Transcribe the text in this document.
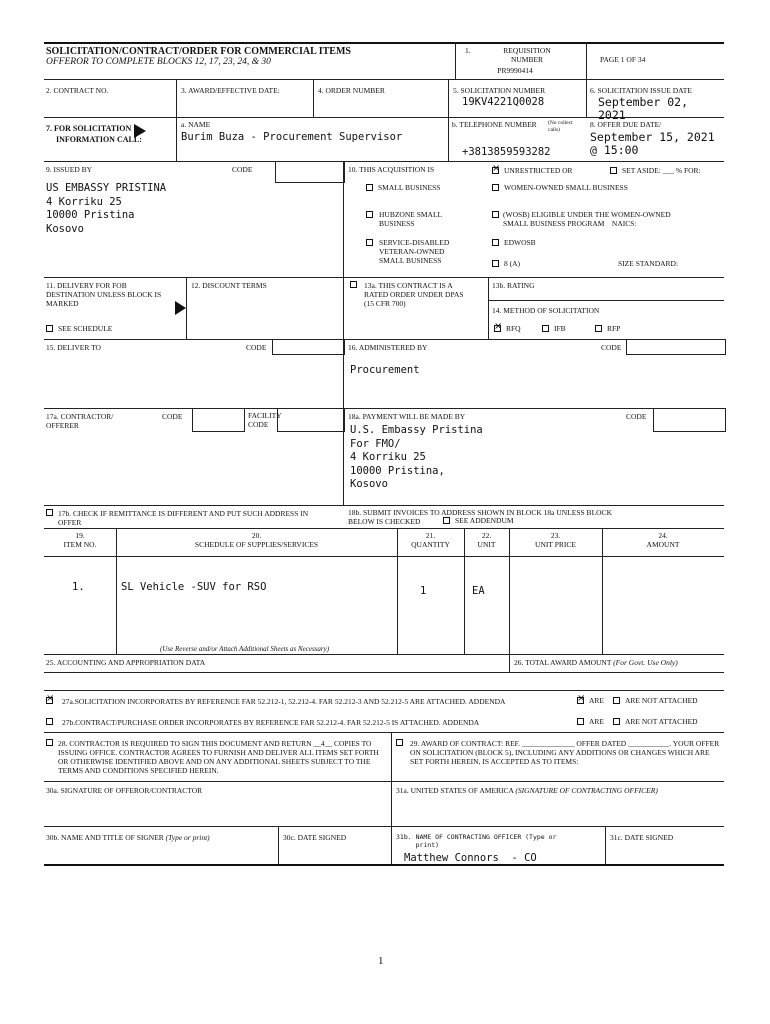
SOLICITATION/CONTRACT/ORDER FOR COMMERCIAL ITEMS
OFFEROR TO COMPLETE BLOCKS 12, 17, 23, 24, & 30
1.	REQUISITION NUMBER
PR9990414
PAGE 1 OF 34
2. CONTRACT NO.	3. AWARD/EFFECTIVE DATE:	4. ORDER NUMBER	5. SOLICITATION NUMBER
19KV4221Q0028
6. SOLICITATION ISSUE DATE
September 02,
2021
7. FOR SOLICITATION
INFORMATION CALL:
a. NAME
Burim Buza - Procurement Supervisor
b. TELEPHONE NUMBER (No collect calls)
+3813859593282
8. OFFER DUE DATE/
September 15, 2021
@ 15:00
9. ISSUED BY	CODE
US EMBASSY PRISTINA
4 Korriku 25
10000 Pristina
Kosovo
10. THIS ACQUISITION IS ×	UNRESTRICTED OR	SET ASIDE: ___ % FOR:
SMALL BUSINESS	WOMEN-OWNED SMALL BUSINESS
HUBZONE SMALL
BUSINESS
(WOSB) ELIGIBLE UNDER THE WOMEN-OWNED
SMALL BUSINESS PROGRAM    NAICS:
SERVICE-DISABLED
VETERAN-OWNED
SMALL BUSINESS
EDWOSB
8 (A)	SIZE STANDARD:
11. DELIVERY FOR FOB DESTINATION UNLESS BLOCK IS MARKED
SEE SCHEDULE
12. DISCOUNT TERMS	13a. THIS CONTRACT IS A RATED ORDER UNDER DPAS (15 CFR 700)
13b. RATING
14. METHOD OF SOLICITATION
×RFQ	IFB	RFP
15. DELIVER TO	CODE	16. ADMINISTERED BY	CODE
Procurement
17a. CONTRACTOR/
OFFERER
CODE	FACILITY
CODE
18a. PAYMENT WILL BE MADE BY	CODE
U.S. Embassy Pristina
For FMO/
4 Korriku 25
10000 Pristina,
Kosovo
17b. CHECK IF REMITTANCE IS DIFFERENT AND PUT SUCH ADDRESS IN OFFER
18b. SUBMIT INVOICES TO ADDRESS SHOWN IN BLOCK 18a UNLESS BLOCK BELOW IS CHECKED	SEE ADDENDUM
19.
ITEM NO.
20.
SCHEDULE OF SUPPLIES/SERVICES
21.
QUANTITY
22.
UNIT
23.
UNIT PRICE
24.
AMOUNT
1.	SL Vehicle -SUV for RSO	1	EA
(Use Reverse and/or Attach Additional Sheets as Necessary)
25. ACCOUNTING AND APPROPRIATION DATA	26. TOTAL AWARD AMOUNT (For Govt. Use Only)
×
27a.SOLICITATION INCORPORATES BY REFERENCE FAR 52.212-1, 52.212-4. FAR 52.212-3 AND 52.212-5 ARE ATTACHED. ADDENDA ×	ARE	ARE NOT ATTACHED
27b.CONTRACT/PURCHASE ORDER INCORPORATES BY REFERENCE FAR 52.212-4. FAR 52.212-5 IS ATTACHED. ADDENDA	ARE	ARE NOT ATTACHED
28. CONTRACTOR IS REQUIRED TO SIGN THIS DOCUMENT AND RETURN __4__ COPIES TO ISSUING OFFICE. CONTRACTOR AGREES TO FURNISH AND DELIVER ALL ITEMS SET FORTH OR OTHERWISE IDENTIFIED ABOVE AND ON ANY ADDITIONAL SHEETS SUBJECT TO THE TERMS AND CONDITIONS SPECIFIED HEREIN.
29. AWARD OF CONTRACT: REF. ______________ OFFER DATED ___________. YOUR OFFER ON SOLICITATION (BLOCK 5), INCLUDING ANY ADDITIONS OR CHANGES WHICH ARE SET FORTH HEREIN, IS ACCEPTED AS TO ITEMS:
30a. SIGNATURE OF OFFEROR/CONTRACTOR	31a. UNITED STATES OF AMERICA (SIGNATURE OF CONTRACTING OFFICER)
30b. NAME AND TITLE OF SIGNER (Type or print)	30c. DATE SIGNED	31b. NAME OF CONTRACTING OFFICER (Type or
print)
Matthew Connors  - CO
31c. DATE SIGNED
1
